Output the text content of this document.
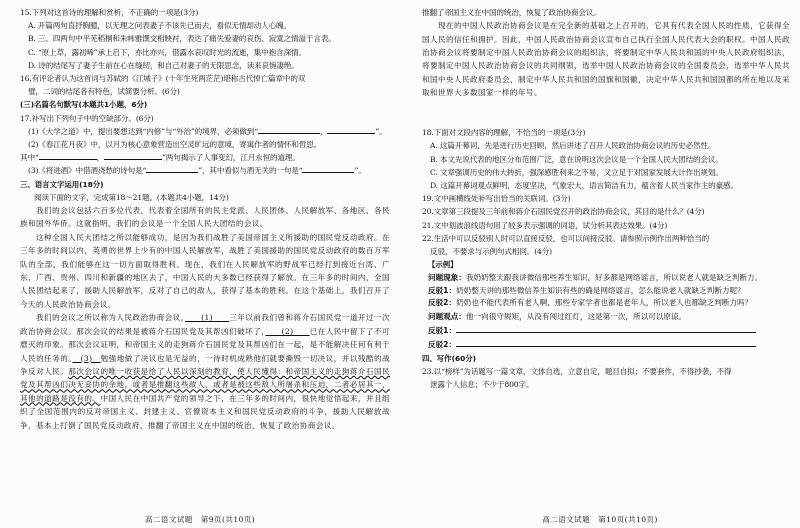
15.下列对这首诗的理解和赏析，不正确的一项是(3分)

A. 开篇两句直抒胸臆，以无理之问表妻子不该先已而去，看似无情却动人心魄。

B. 三、四两句中平芜稻桐和朱帏雅馔交相映衬，表达了痛失爱妻的哀伤、寂寞之情溢于言表。

C. “原上草，露初晞”承上启下，亦比亦兴，借露水哀叹时光的流逝，集中抱含深情。

D. 诗的结尾写了妻子生前在心在缝纫，和自己对妻子的无限思念，读来哀惋凄绝。

16.有评论者认为这首词与苏轼的《江城子》(十年生死两茫茫)堪称古代悼亡篇章中的双

璧，二词的结尾各有特色，试简要分析。(6分)

(三)名篇名句默写(本题共1小题，6分)

17.补写出下列句子中的空缺部分。(6分)

(1)《大学之道》中，提出要想达到“内修”与“外治”的境界，必须做到“	，	”。

(2)《春江花月夜》中，以月为核心意象营造出空灵旷远的意境，寄寓作者的情怀和哲思。

其中“	，	”两句揭示了人事变幻，江月永恒的道理。

(3)《将进酒》中借酒浇愁的诗句是“	”，其中看似与酒无关的一句是“	”。

三、语言文字运用(18分)

阅读下面的文字，完成第18～21题。(本题共4小题，14分)

我们的会议包括六百多位代表，代表着全国所有的民主党派、人民团体、人民解放军、各地区、各民族和国外华侨。这就指明，我们的会议是一个全国人民大团结的会议。

这种全国人民大团结之所以能够成功，是因为我们战胜了美国帝国主义所援助的国民党反动政府。在三年多的时间以内，英勇的世界上少有的中国人民解放军，战胜了美国援助的国民党反动政府的数百万军队的全部，我们能够在这一切方面取得胜利。现在，我们在人民解放军的野战军已经打到接近台湾、广东、广西、贵州、四川和新疆的地区去了，中国人民的大多数已经获得了解放。在三年多的时间内，全国人民团结起来了，援助人民解放军，反对了自己的敌人，获得了基本的胜利。在这个基础上，我们召开了今天的人民政治协商会议。

我们的会议之所以称为人民政治协商会议，　　 (1)　　 三年以前我们曾和蒋介石国民党一道开过一次政治协商会议。那次会议的结果是被蒋介石国民党及其帮凶们破坏了，　　 (2)　　 已在人民中留下了不可磨灭的印象。那次会议证明，和帝国主义的走狗蒋介石国民党及其帮凶们在一起，是不能解决任何有利于人民的任务的。　 (3)　 勉强地做了决议也是无益的，一待时机成熟他们就要撕毁一切决议，并以残酷的战争反对人民。那次会议的唯一收获是给了人民以深刻的教育，使人民懂得：和帝国主义的走狗蒋介石国民党及其帮凶们决无妥协的余地，或者是推翻这些敌人，或者是被这些敌人所屠杀和压迫，二者必居其一，其他的道路是没有的。中国人民在中国共产党的领导之下，在三年多的时间内，很快地觉悟起来，并且组织了全国范围内的反对帝国主义、封建主义、官僚资本主义和国民党反动政府的斗争，援助人民解放战争，基本上打倒了国民党反动政府，推翻了帝国主义在中国的统治，恢复了政治协商会议。

高二语文试题　第9页(共10页)

推翻了帝国主义在中国的统治，恢复了政治协商会议。

现在的中国人民政治协商会议是在完全新的基础之上召开的，它具有代表全国人民的性质，它获得全国人民的信任和拥护。因此，中国人民政治协商会议宣布自己执行全国人民代表大会的职权。中国人民政治协商会议将要制定中国人民政治协商会议的组织法，将要制定中华人民共和国的中央人民政府组织法，将要制定中国人民政治协商会议的共同纲领，选举中国人民政治协商会议的全国委员会，选举中华人民共和国中央人民政府委员会，制定中华人民共和国的国旗和国徽，决定中华人民共和国国都的所在地以及采取和世界大多数国家一样的年号。

18.下面对文段内容的理解，不恰当的一项是(3分)

A. 这篇开幕词，先是进行历史回顾，然后讲述了召开人民政治协商会议的历史必然性。

B. 本文先说代表的地区分布范围广泛，意在说明这次会议是一个全国人民大团结的会议。

C. 文章强调历史的伟大转折，强深感胜利来之不易，又立足于对国家发展大计作出规划。

D. 这篇开幕词观点鲜明，态度坚决，气象宏大，语言简洁有力，蕴含着人民当家作主的豪感。

19.文中画横线处补写出恰当的关联词。(3分)

20.文章第三段提及三年前和蒋介石国民党召开的政治协商会议，其目的是什么？(4分)

21.文中划波浪线语句用了较多表示强调的词语，试分析其表达效果。(4分)

22.生活中可以反驳别人时可以直接反驳，也可以间接反驳。请参照示例作出两种恰当的

反驳，不要求与示例句式相同。(4分)

【示例】

问题现象：我奶奶整天跟我讲微信那些养生知识，好多都是网络谣言，所以说老人就是缺乏判断力。

反驳1：奶奶整天讲的那些微信养生知识有些的确是网络谣言，怎么能说老人就缺乏判断力呢？

反驳2：奶奶也不能代表所有老人啊，那些专家学者也都是老年人，所以老人也都缺乏判断力吗？

问题观点：他一向很守规矩，从没有闯过红灯，这是第一次，所以可以原谅。

反驳1：

反驳2：

四、写作(60分)

23.以“榜样”为话题写一篇文章，文体自选，立意自定，题目自拟；不要套作，不得抄袭，不得

泄露个人信息；不少于800字。

高二语文试题　第10页(共10页)
